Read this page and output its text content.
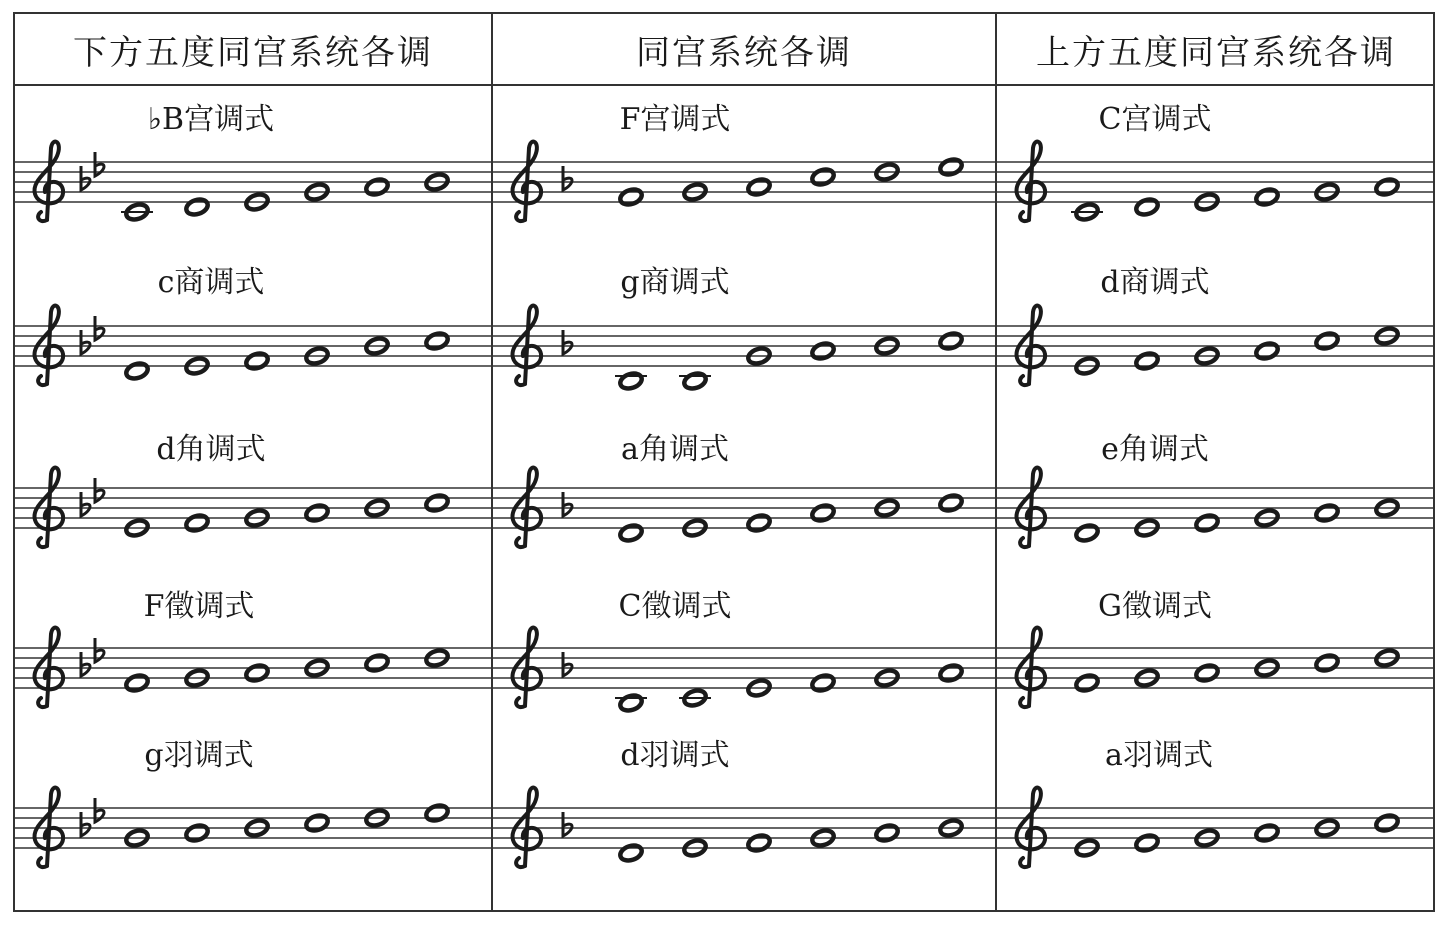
下方五度同宫系统各调	同宫系统各调	上方五度同宫系统各调
♭B宫调式
c商调式
d角调式
F徵调式
g羽调式
F宫调式
g商调式
a角调式
C徵调式
d羽调式
C宫调式
d商调式
e角调式
G徵调式
a羽调式
